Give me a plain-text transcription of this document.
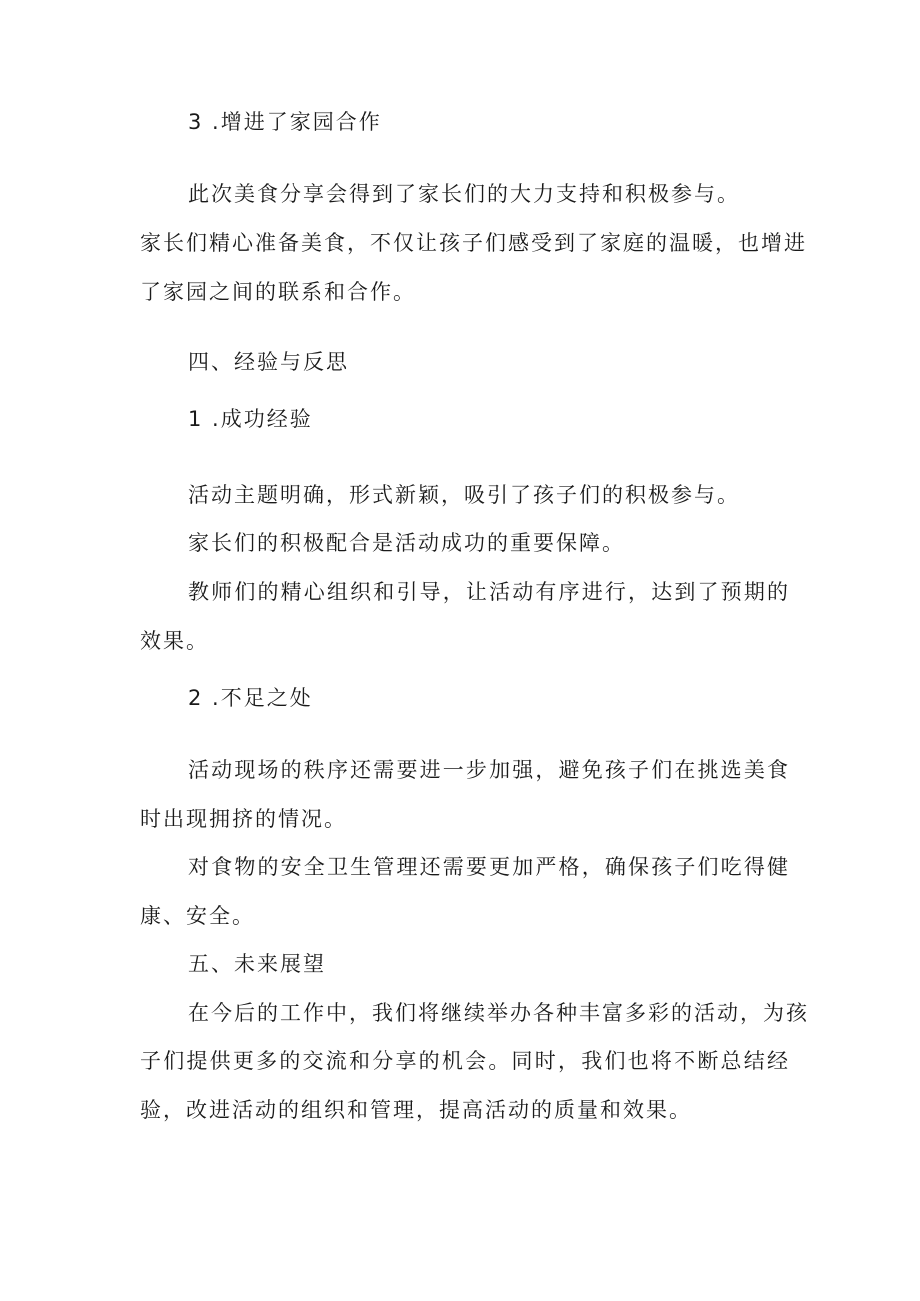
3 .增进了家园合作
此次美食分享会得到了家长们的大力支持和积极参与。
家长们精心准备美食，不仅让孩子们感受到了家庭的温暖，也增进
了家园之间的联系和合作。
四、经验与反思
1 .成功经验
活动主题明确，形式新颖，吸引了孩子们的积极参与。
家长们的积极配合是活动成功的重要保障。
教师们的精心组织和引导，让活动有序进行，达到了预期的
效果。
2 .不足之处
活动现场的秩序还需要进一步加强，避免孩子们在挑选美食
时出现拥挤的情况。
对食物的安全卫生管理还需要更加严格，确保孩子们吃得健
康、安全。
五、未来展望
在今后的工作中，我们将继续举办各种丰富多彩的活动，为孩
子们提供更多的交流和分享的机会。同时，我们也将不断总结经
验，改进活动的组织和管理，提高活动的质量和效果。
